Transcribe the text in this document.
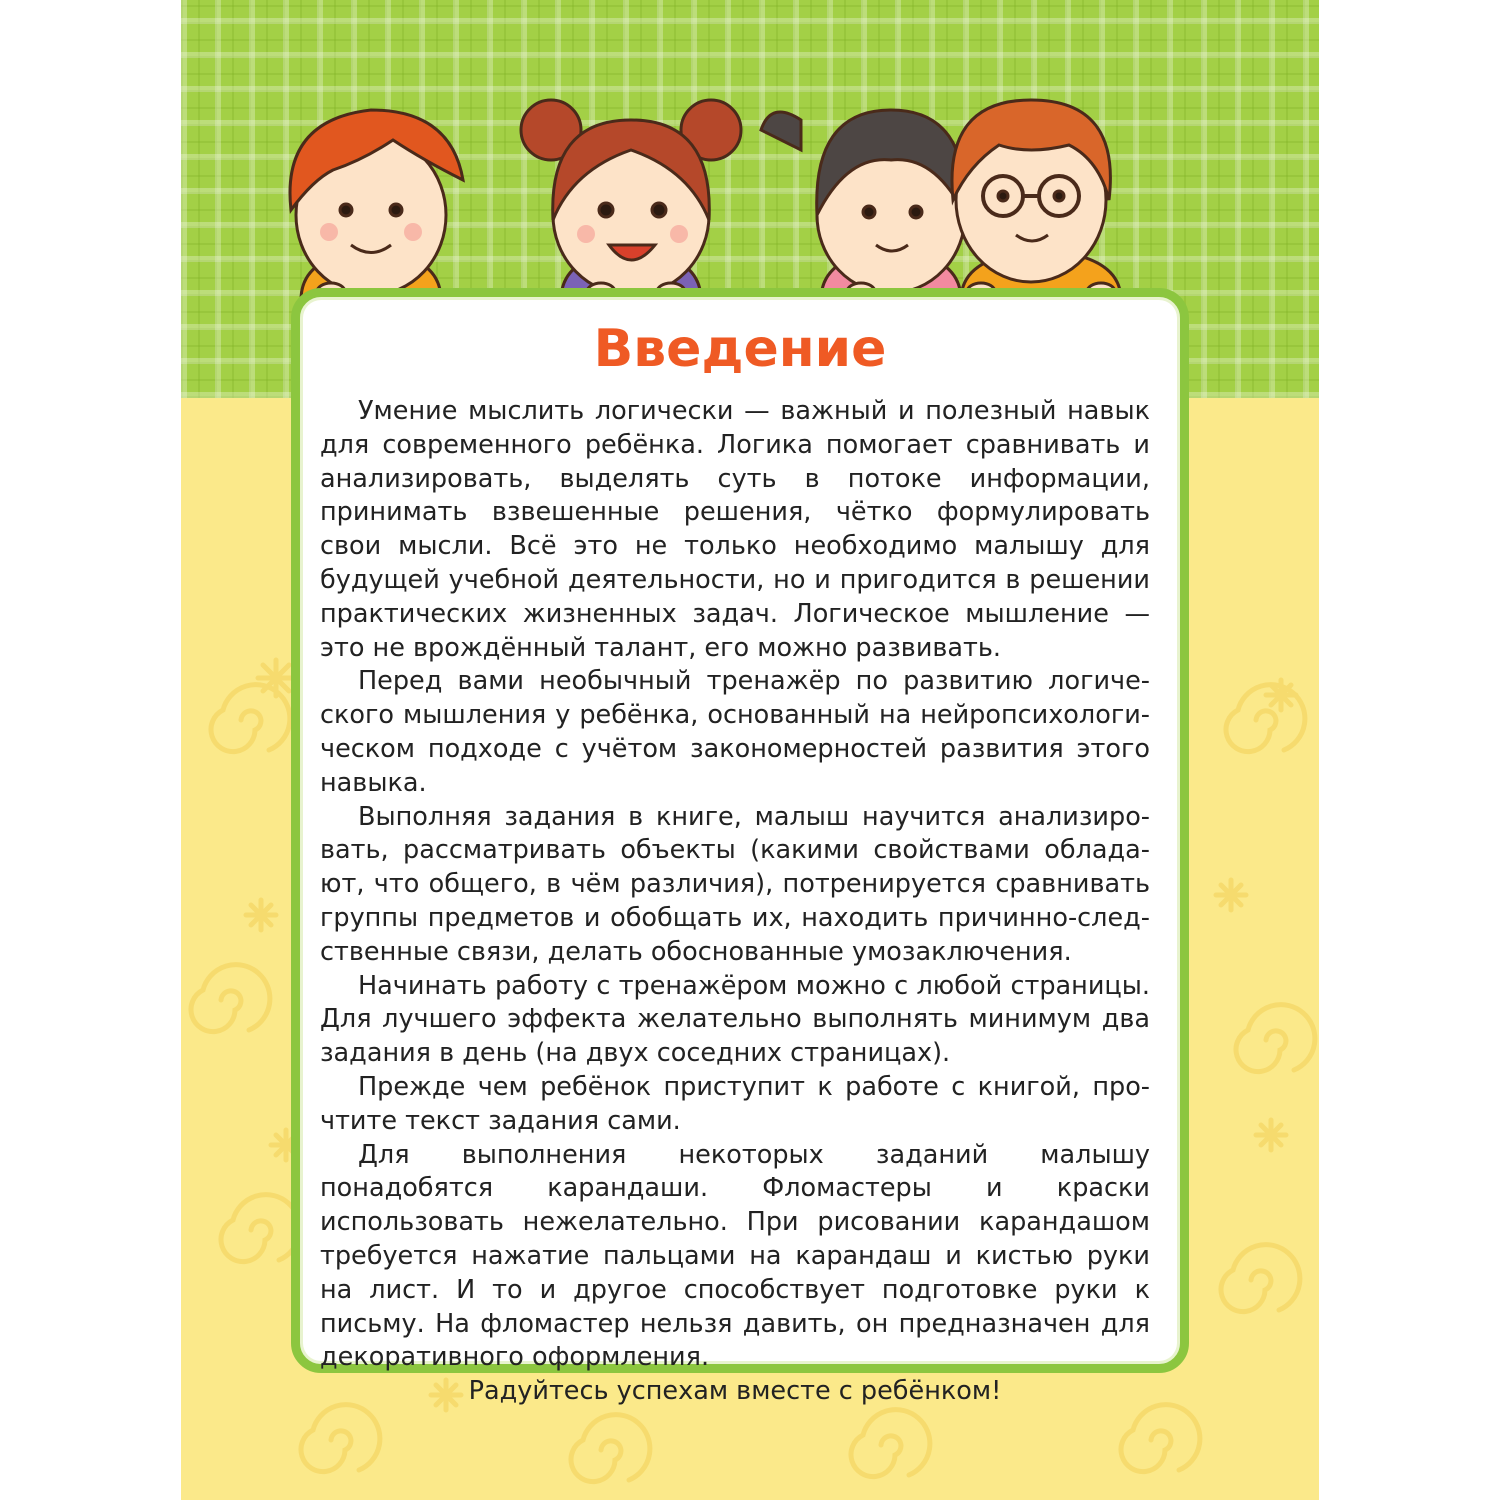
Введение

Умение мыслить логически — важный и полезный навык для современного ребёнка. Логика помогает сравнивать и анализировать, выделять суть в потоке информации, принимать взвешенные решения, чётко формулировать свои мысли. Всё это не только необходимо малышу для будущей учебной деятельности, но и пригодится в решении практических жизненных задач. Логическое мышление — это не врождённый талант, его можно развивать.

Перед вами необычный тренажёр по развитию логического мышления у ребёнка, основанный на нейропсихологическом подходе с учётом закономерностей развития этого навыка.

Выполняя задания в книге, малыш научится анализировать, рассматривать объекты (какими свойствами обладают, что общего, в чём различия), потренируется сравнивать группы предметов и обобщать их, находить причинно-следственные связи, делать обоснованные умозаключения.

Начинать работу с тренажёром можно с любой страницы. Для лучшего эффекта желательно выполнять минимум два задания в день (на двух соседних страницах).

Прежде чем ребёнок приступит к работе с книгой, прочтите текст задания сами.

Для выполнения некоторых заданий малышу понадобятся карандаши. Фломастеры и краски использовать нежелательно. При рисовании карандашом требуется нажатие пальцами на карандаш и кистью руки на лист. И то и другое способствует подготовке руки к письму. На фломастер нельзя давить, он предназначен для декоративного оформления.

Радуйтесь успехам вместе с ребёнком!
